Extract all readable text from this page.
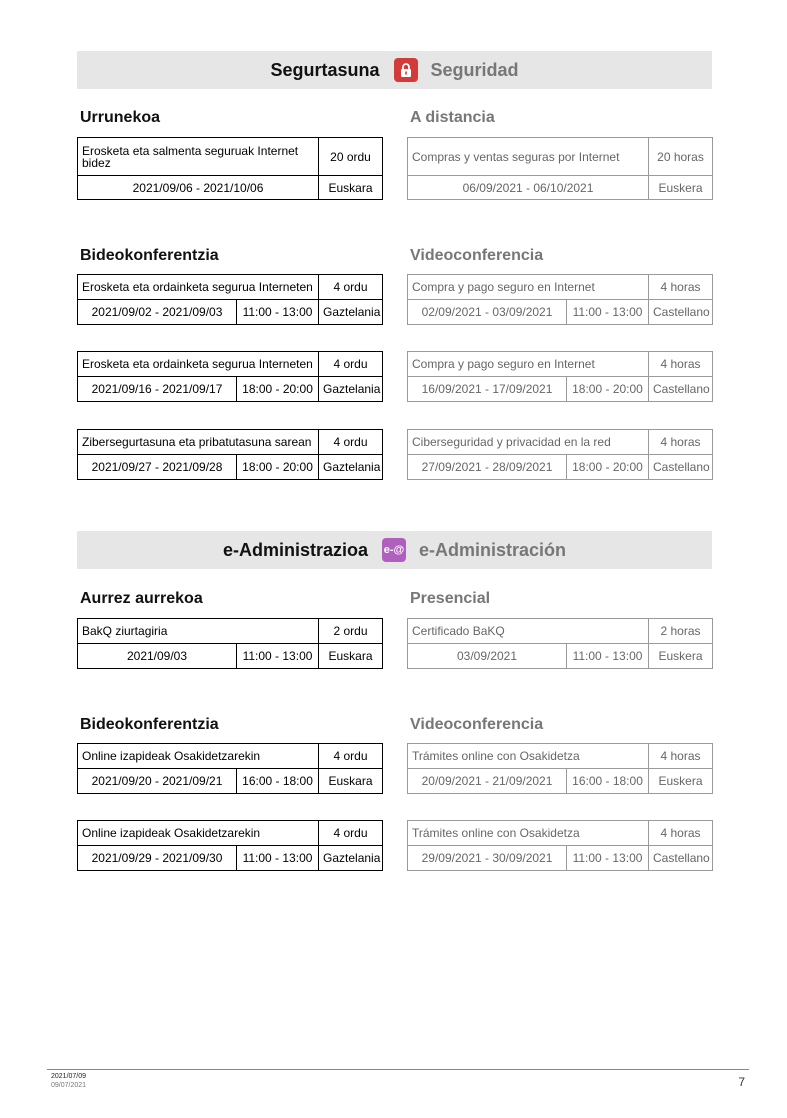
Segurtasuna	Seguridad
Urrunekoa	A distancia
Erosketa eta salmenta seguruak Internet bidez	20 ordu
2021/09/06 - 2021/10/06	Euskara
Compras y ventas seguras por Internet	20 horas
06/09/2021 - 06/10/2021	Euskera
Bideokonferentzia	Videoconferencia
Erosketa eta ordainketa segurua Interneten		4 ordu
2021/09/02 - 2021/09/03	11:00 - 13:00	Gaztelania
Compra y pago seguro en Internet		4 horas
02/09/2021 - 03/09/2021	11:00 - 13:00	Castellano
Erosketa eta ordainketa segurua Interneten		4 ordu
2021/09/16 - 2021/09/17	18:00 - 20:00	Gaztelania
Compra y pago seguro en Internet		4 horas
16/09/2021 - 17/09/2021	18:00 - 20:00	Castellano
Zibersegurtasuna eta pribatutasuna sarean		4 ordu
2021/09/27 - 2021/09/28	18:00 - 20:00	Gaztelania
Ciberseguridad y privacidad en la red		4 horas
27/09/2021 - 28/09/2021	18:00 - 20:00	Castellano
e-Administrazioa e-@ e-Administración
Aurrez aurrekoa	Presencial
BakQ ziurtagiria		2 ordu
2021/09/03	11:00 - 13:00	Euskara
Certificado BaKQ		2 horas
03/09/2021	11:00 - 13:00	Euskera
Bideokonferentzia	Videoconferencia
Online izapideak Osakidetzarekin		4 ordu
2021/09/20 - 2021/09/21	16:00 - 18:00	Euskara
Trámites online con Osakidetza		4 horas
20/09/2021 - 21/09/2021	16:00 - 18:00	Euskera
Online izapideak Osakidetzarekin		4 ordu
2021/09/29 - 2021/09/30	11:00 - 13:00	Gaztelania
Trámites online con Osakidetza		4 horas
29/09/2021 - 30/09/2021	11:00 - 13:00	Castellano
2021/07/09
09/07/2021	7
